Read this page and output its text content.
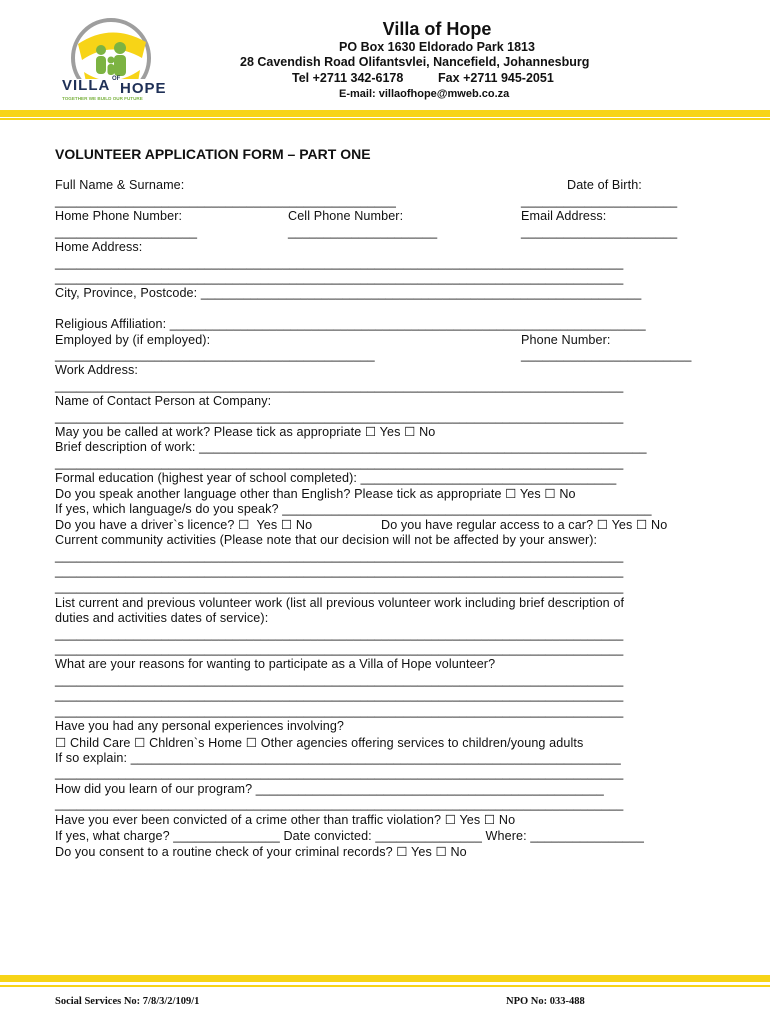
VILLA OF
HOPE
TOGETHER WE BUILD OUR FUTURE
Villa of Hope
PO Box 1630 Eldorado Park 1813
28 Cavendish Road Olifantsvlei, Nancefield, Johannesburg
Tel +2711 342-6178          Fax +2711 945-2051
E-mail: villaofhope@mweb.co.za
VOLUNTEER APPLICATION FORM – PART ONE
Full Name & Surname:	Date of Birth:
________________________________________________	______________________
Home Phone Number:	Cell Phone Number:	Email Address:
____________________	_____________________	______________________
Home Address:
________________________________________________________________________________
________________________________________________________________________________
City, Province, Postcode: ______________________________________________________________
Religious Affiliation: ___________________________________________________________________
Employed by (if employed):	Phone Number:
_____________________________________________	________________________
Work Address:
________________________________________________________________________________
Name of Contact Person at Company:
________________________________________________________________________________
May you be called at work? Please tick as appropriate ☐ Yes ☐ No
Brief description of work: _______________________________________________________________
________________________________________________________________________________
Formal education (highest year of school completed): ____________________________________
Do you speak another language other than English? Please tick as appropriate ☐ Yes ☐ No
If yes, which language/s do you speak? ____________________________________________________
Do you have a driver`s licence? ☐  Yes ☐ No	Do you have regular access to a car? ☐ Yes ☐ No
Current community activities (Please note that our decision will not be affected by your answer):
________________________________________________________________________________
________________________________________________________________________________
________________________________________________________________________________
List current and previous volunteer work (list all previous volunteer work including brief description of
duties and activities dates of service):
________________________________________________________________________________
________________________________________________________________________________
What are your reasons for wanting to participate as a Villa of Hope volunteer?
________________________________________________________________________________
________________________________________________________________________________
________________________________________________________________________________
Have you had any personal experiences involving?
☐ Child Care ☐ Chldren`s Home ☐ Other agencies offering services to children/young adults
If so explain: _____________________________________________________________________
________________________________________________________________________________
How did you learn of our program? _________________________________________________
________________________________________________________________________________
Have you ever been convicted of a crime other than traffic violation? ☐ Yes ☐ No
If yes, what charge? _______________ Date convicted: _______________ Where: ________________
Do you consent to a routine check of your criminal records? ☐ Yes ☐ No
Social Services No: 7/8/3/2/109/1	NPO No: 033-488
